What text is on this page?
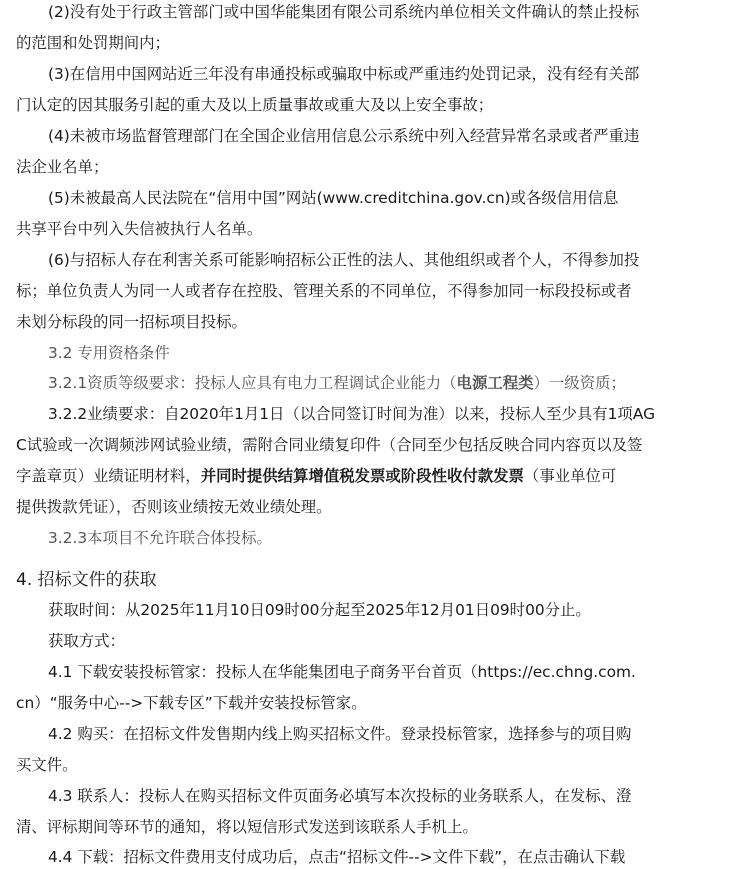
(2)没有处于行政主管部门或中国华能集团有限公司系统内单位相关文件确认的禁止投标
的范围和处罚期间内；
(3)在信用中国网站近三年没有串通投标或骗取中标或严重违约处罚记录，没有经有关部
门认定的因其服务引起的重大及以上质量事故或重大及以上安全事故；
(4)未被市场监督管理部门在全国企业信用信息公示系统中列入经营异常名录或者严重违
法企业名单；
(5)未被最高人民法院在“信用中国”网站(www.creditchina.gov.cn)或各级信用信息
共享平台中列入失信被执行人名单。
(6)与招标人存在利害关系可能影响招标公正性的法人、其他组织或者个人，不得参加投
标；单位负责人为同一人或者存在控股、管理关系的不同单位，不得参加同一标段投标或者
未划分标段的同一招标项目投标。
3.2 专用资格条件
3.2.1资质等级要求：投标人应具有电力工程调试企业能力（电源工程类）一级资质；
3.2.2业绩要求：自2020年1月1日（以合同签订时间为准）以来，投标人至少具有1项AG
C试验或一次调频涉网试验业绩，需附合同业绩复印件（合同至少包括反映合同内容页以及签
字盖章页）业绩证明材料，并同时提供结算增值税发票或阶段性收付款发票（事业单位可
提供拨款凭证），否则该业绩按无效业绩处理。
3.2.3本项目不允许联合体投标。
4. 招标文件的获取
获取时间：从2025年11月10日09时00分起至2025年12月01日09时00分止。
获取方式：
4.1 下载安装投标管家：投标人在华能集团电子商务平台首页（https://ec.chng.com.
cn）“服务中心-->下载专区”下载并安装投标管家。
4.2 购买：在招标文件发售期内线上购买招标文件。登录投标管家，选择参与的项目购
买文件。
4.3 联系人：投标人在购买招标文件页面务必填写本次投标的业务联系人，在发标、澄
清、评标期间等环节的通知，将以短信形式发送到该联系人手机上。
4.4 下载：招标文件费用支付成功后，点击“招标文件-->文件下载”，在点击确认下载
